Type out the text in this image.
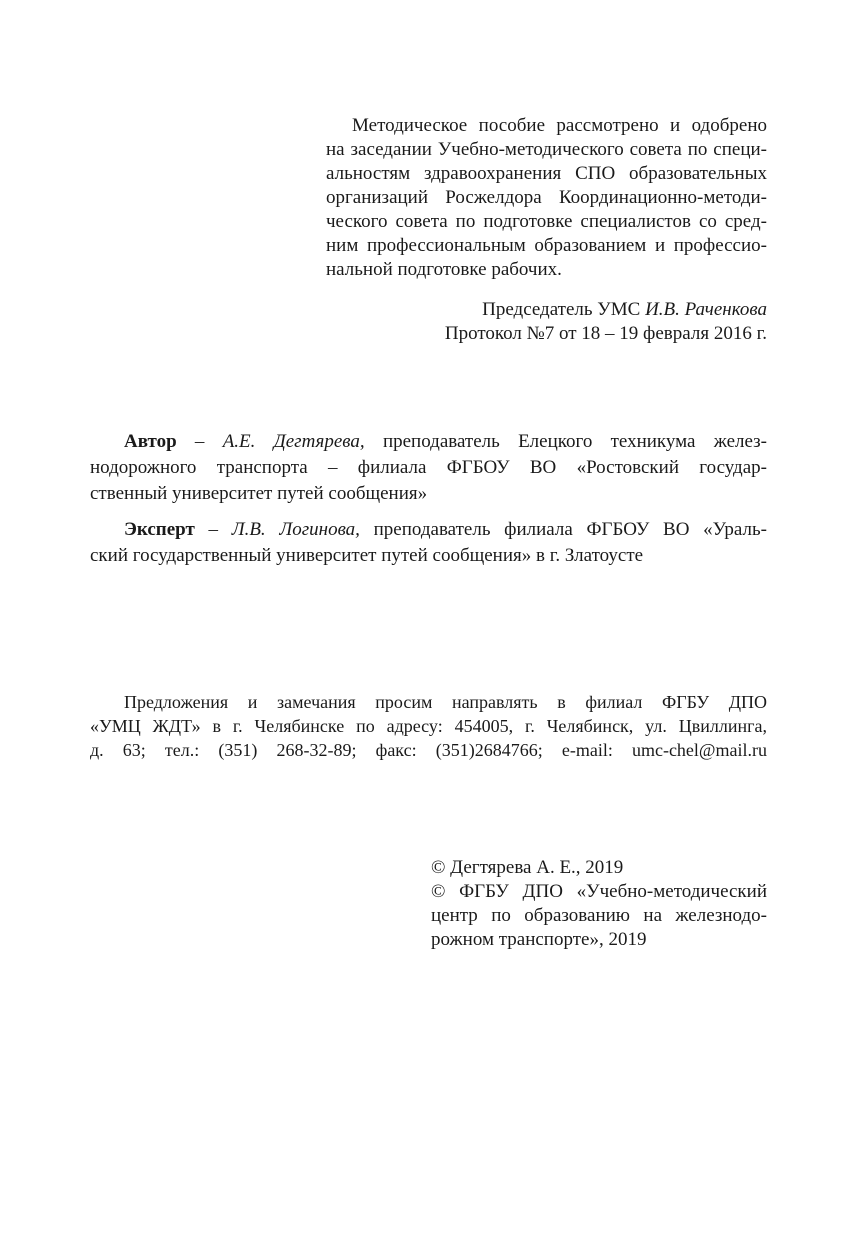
Методическое пособие рассмотрено и одобрено
на заседании Учебно-методического совета по специ-
альностям здравоохранения СПО образовательных
организаций Росжелдора Координационно-методи-
ческого совета по подготовке специалистов со сред-
ним профессиональным образованием и профессио-
нальной подготовке рабочих.
Председатель УМС И.В. Раченкова
Протокол №7 от 18 – 19 февраля 2016 г.
Автор – А.Е. Дегтярева, преподаватель Елецкого техникума желез-
нодорожного транспорта – филиала ФГБОУ ВО «Ростовский государ-
ственный университет путей сообщения»
Эксперт – Л.В. Логинова, преподаватель филиала ФГБОУ ВО «Ураль-
ский государственный университет путей сообщения» в г. Златоусте
Предложения и замечания просим направлять в филиал ФГБУ ДПО
«УМЦ ЖДТ» в г. Челябинске по адресу: 454005, г. Челябинск, ул. Цвиллинга,
д. 63; тел.: (351) 268-32-89; факс: (351)2684766; e-mail: umc-chel@mail.ru
© Дегтярева А. Е., 2019
© ФГБУ ДПО «Учебно-методический
центр по образованию на железнодо-
рожном транспорте», 2019
